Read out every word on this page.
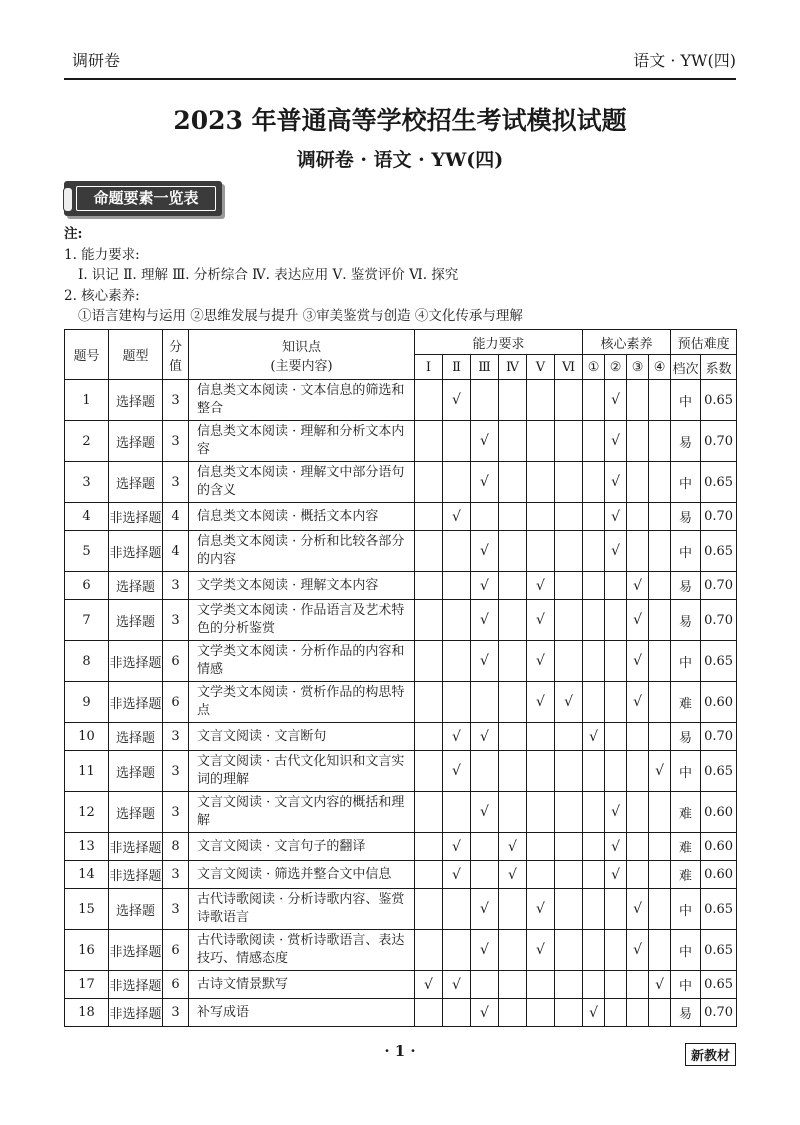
调研卷	语文 · YW(四)
2023 年普通高等学校招生考试模拟试题
调研卷 · 语文 · YW(四)
命题要素一览表
注:
1. 能力要求:
Ⅰ. 识记 Ⅱ. 理解 Ⅲ. 分析综合 Ⅳ. 表达应用 Ⅴ. 鉴赏评价 Ⅵ. 探究
2. 核心素养:
①语言建构与运用 ②思维发展与提升 ③审美鉴赏与创造 ④文化传承与理解
题号	题型	分值	知识点
(主要内容)	能力要求						核心素养				预估难度	
				Ⅰ	Ⅱ	Ⅲ	Ⅳ	Ⅴ	Ⅵ	①	②	③	④	档次	系数
1	选择题	3	信息类文本阅读 · 文本信息的筛选和整合		√						√			中	0.65
2	选择题	3	信息类文本阅读 · 理解和分析文本内容			√					√			易	0.70
3	选择题	3	信息类文本阅读 · 理解文中部分语句的含义			√					√			中	0.65
4	非选择题	4	信息类文本阅读 · 概括文本内容		√						√			易	0.70
5	非选择题	4	信息类文本阅读 · 分析和比较各部分的内容			√					√			中	0.65
6	选择题	3	文学类文本阅读 · 理解文本内容			√		√				√		易	0.70
7	选择题	3	文学类文本阅读 · 作品语言及艺术特色的分析鉴赏			√		√				√		易	0.70
8	非选择题	6	文学类文本阅读 · 分析作品的内容和情感			√		√				√		中	0.65
9	非选择题	6	文学类文本阅读 · 赏析作品的构思特点					√	√			√		难	0.60
10	选择题	3	文言文阅读 · 文言断句		√	√				√				易	0.70
11	选择题	3	文言文阅读 · 古代文化知识和文言实词的理解		√								√	中	0.65
12	选择题	3	文言文阅读 · 文言文内容的概括和理解			√					√			难	0.60
13	非选择题	8	文言文阅读 · 文言句子的翻译		√		√				√			难	0.60
14	非选择题	3	文言文阅读 · 筛选并整合文中信息		√		√				√			难	0.60
15	选择题	3	古代诗歌阅读 · 分析诗歌内容、鉴赏诗歌语言			√		√				√		中	0.65
16	非选择题	6	古代诗歌阅读 · 赏析诗歌语言、表达技巧、情感态度			√		√				√		中	0.65
17	非选择题	6	古诗文情景默写	√	√								√	中	0.65
18	非选择题	3	补写成语			√				√				易	0.70
· 1 ·	新教材
